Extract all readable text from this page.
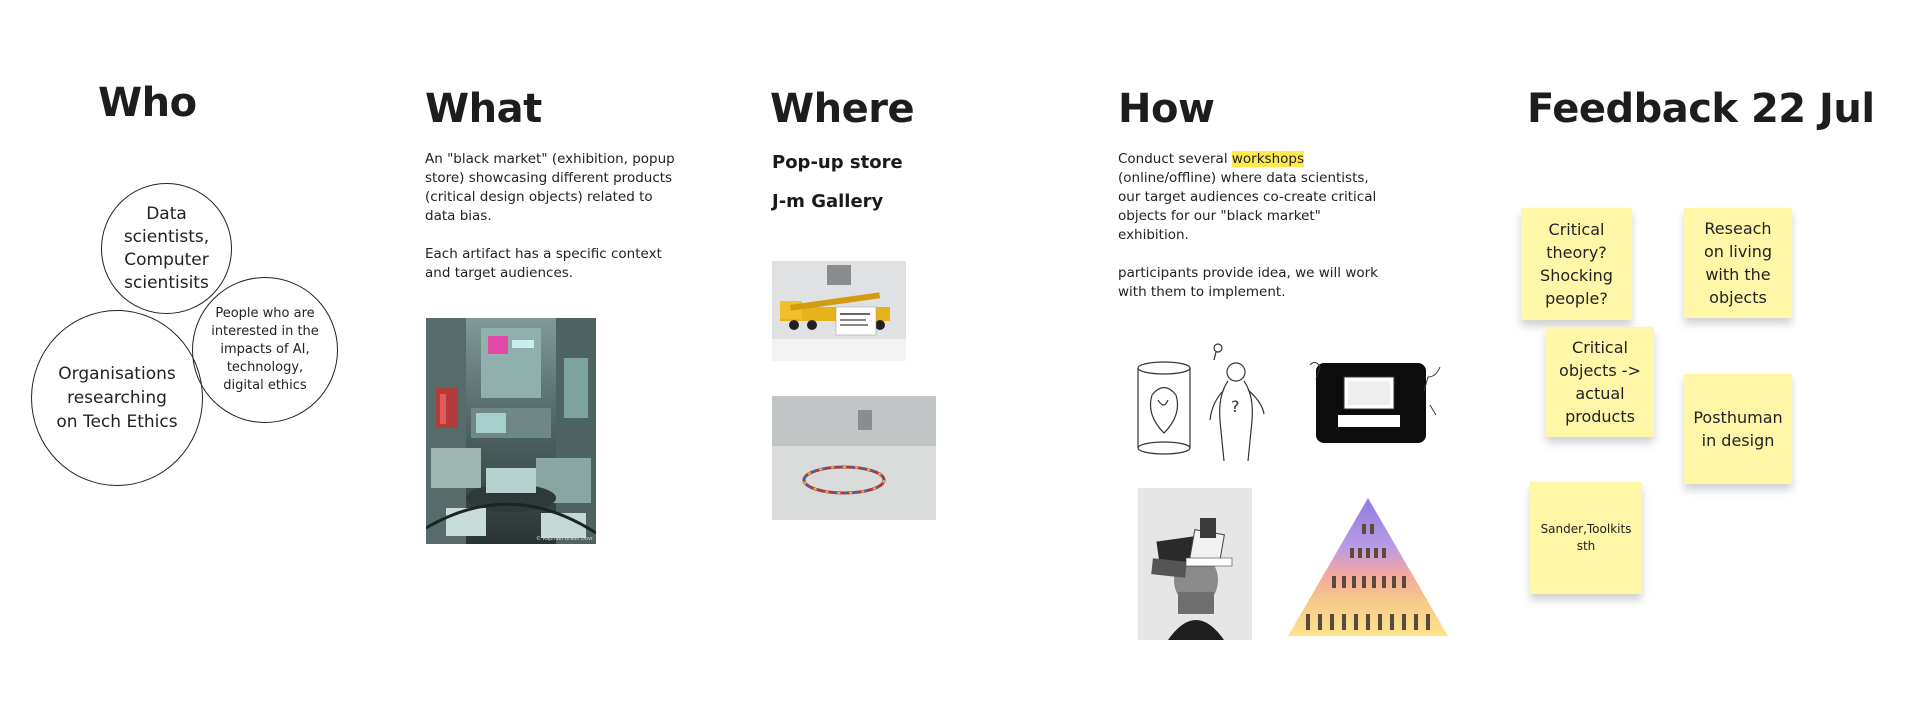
Who
Data scientists, Computer scientisits
People who are interested in the impacts of AI, technology, digital ethics
Organisations researching on Tech Ethics
What

An "black market" (exhibition, popup store) showcasing different products (critical design objects) related to data bias.

Each artifact has a specific context and target audiences.

© Raphael Braun Dovr
Where
Pop-up store
J-m Gallery
How

Conduct several workshops (online/offline) where data scientists, our target audiences co-create critical objects for our "black market" exhibition.

participants provide idea, we will work with them to implement.

?
Feedback 22 Jul
Critical theory? Shocking people?
Reseach on living with the objects
Critical objects -> actual products	Posthuman in design
Sander,Toolkits sth
